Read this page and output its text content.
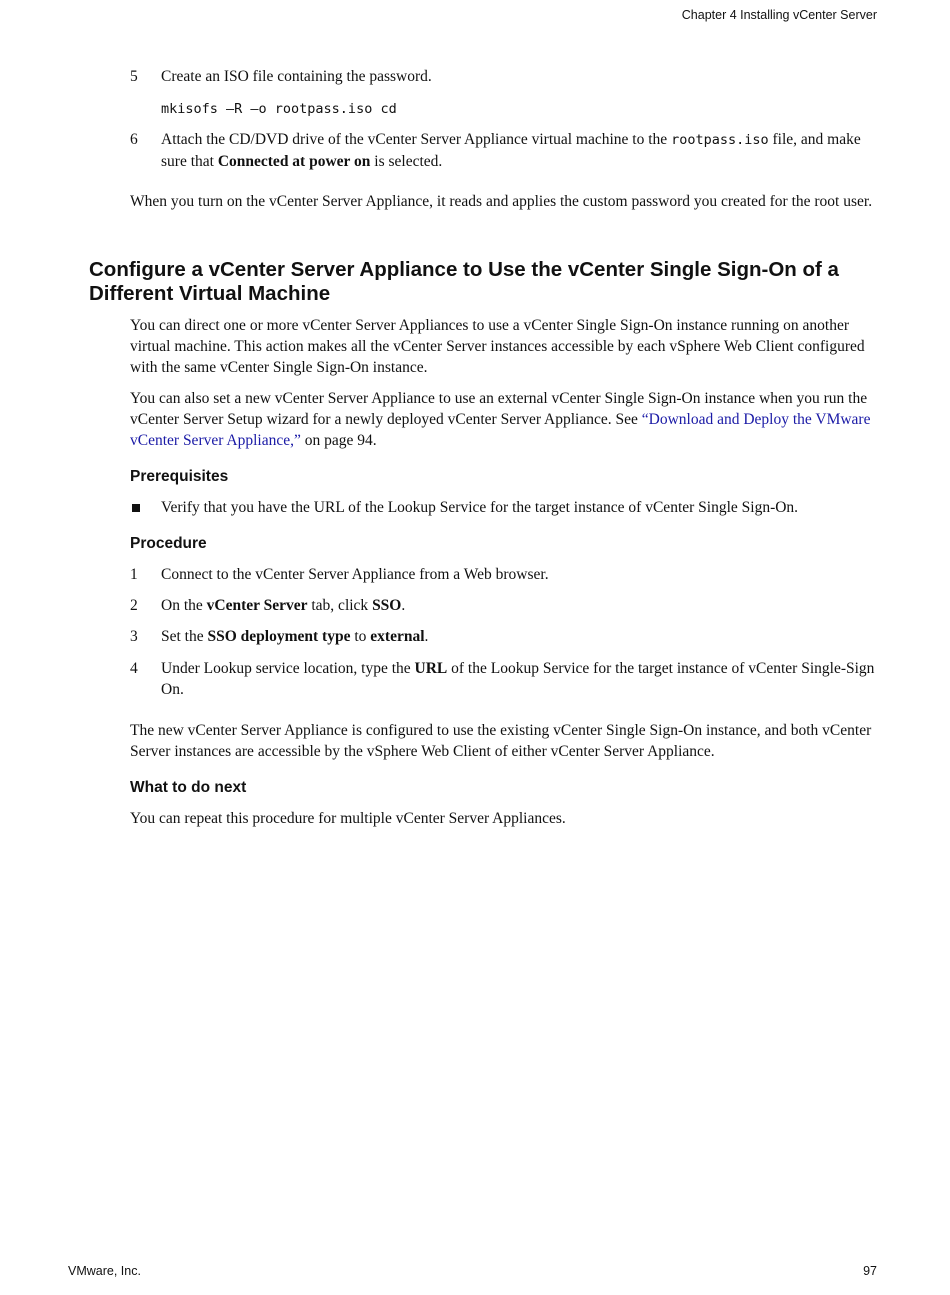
Chapter 4 Installing vCenter Server
5 Create an ISO file containing the password.
mkisofs –R –o rootpass.iso cd
6 Attach the CD/DVD drive of the vCenter Server Appliance virtual machine to the rootpass.iso file, and make sure that Connected at power on is selected.
When you turn on the vCenter Server Appliance, it reads and applies the custom password you created for the root user.
Configure a vCenter Server Appliance to Use the vCenter Single Sign-On of a Different Virtual Machine
You can direct one or more vCenter Server Appliances to use a vCenter Single Sign-On instance running on another virtual machine. This action makes all the vCenter Server instances accessible by each vSphere Web Client configured with the same vCenter Single Sign-On instance.
You can also set a new vCenter Server Appliance to use an external vCenter Single Sign-On instance when you run the vCenter Server Setup wizard for a newly deployed vCenter Server Appliance. See “Download and Deploy the VMware vCenter Server Appliance,” on page 94.
Prerequisites
Verify that you have the URL of the Lookup Service for the target instance of vCenter Single Sign-On.
Procedure
1 Connect to the vCenter Server Appliance from a Web browser.
2 On the vCenter Server tab, click SSO.
3 Set the SSO deployment type to external.
4 Under Lookup service location, type the URL of the Lookup Service for the target instance of vCenter Single-Sign On.
The new vCenter Server Appliance is configured to use the existing vCenter Single Sign-On instance, and both vCenter Server instances are accessible by the vSphere Web Client of either vCenter Server Appliance.
What to do next
You can repeat this procedure for multiple vCenter Server Appliances.
VMware, Inc.	97
